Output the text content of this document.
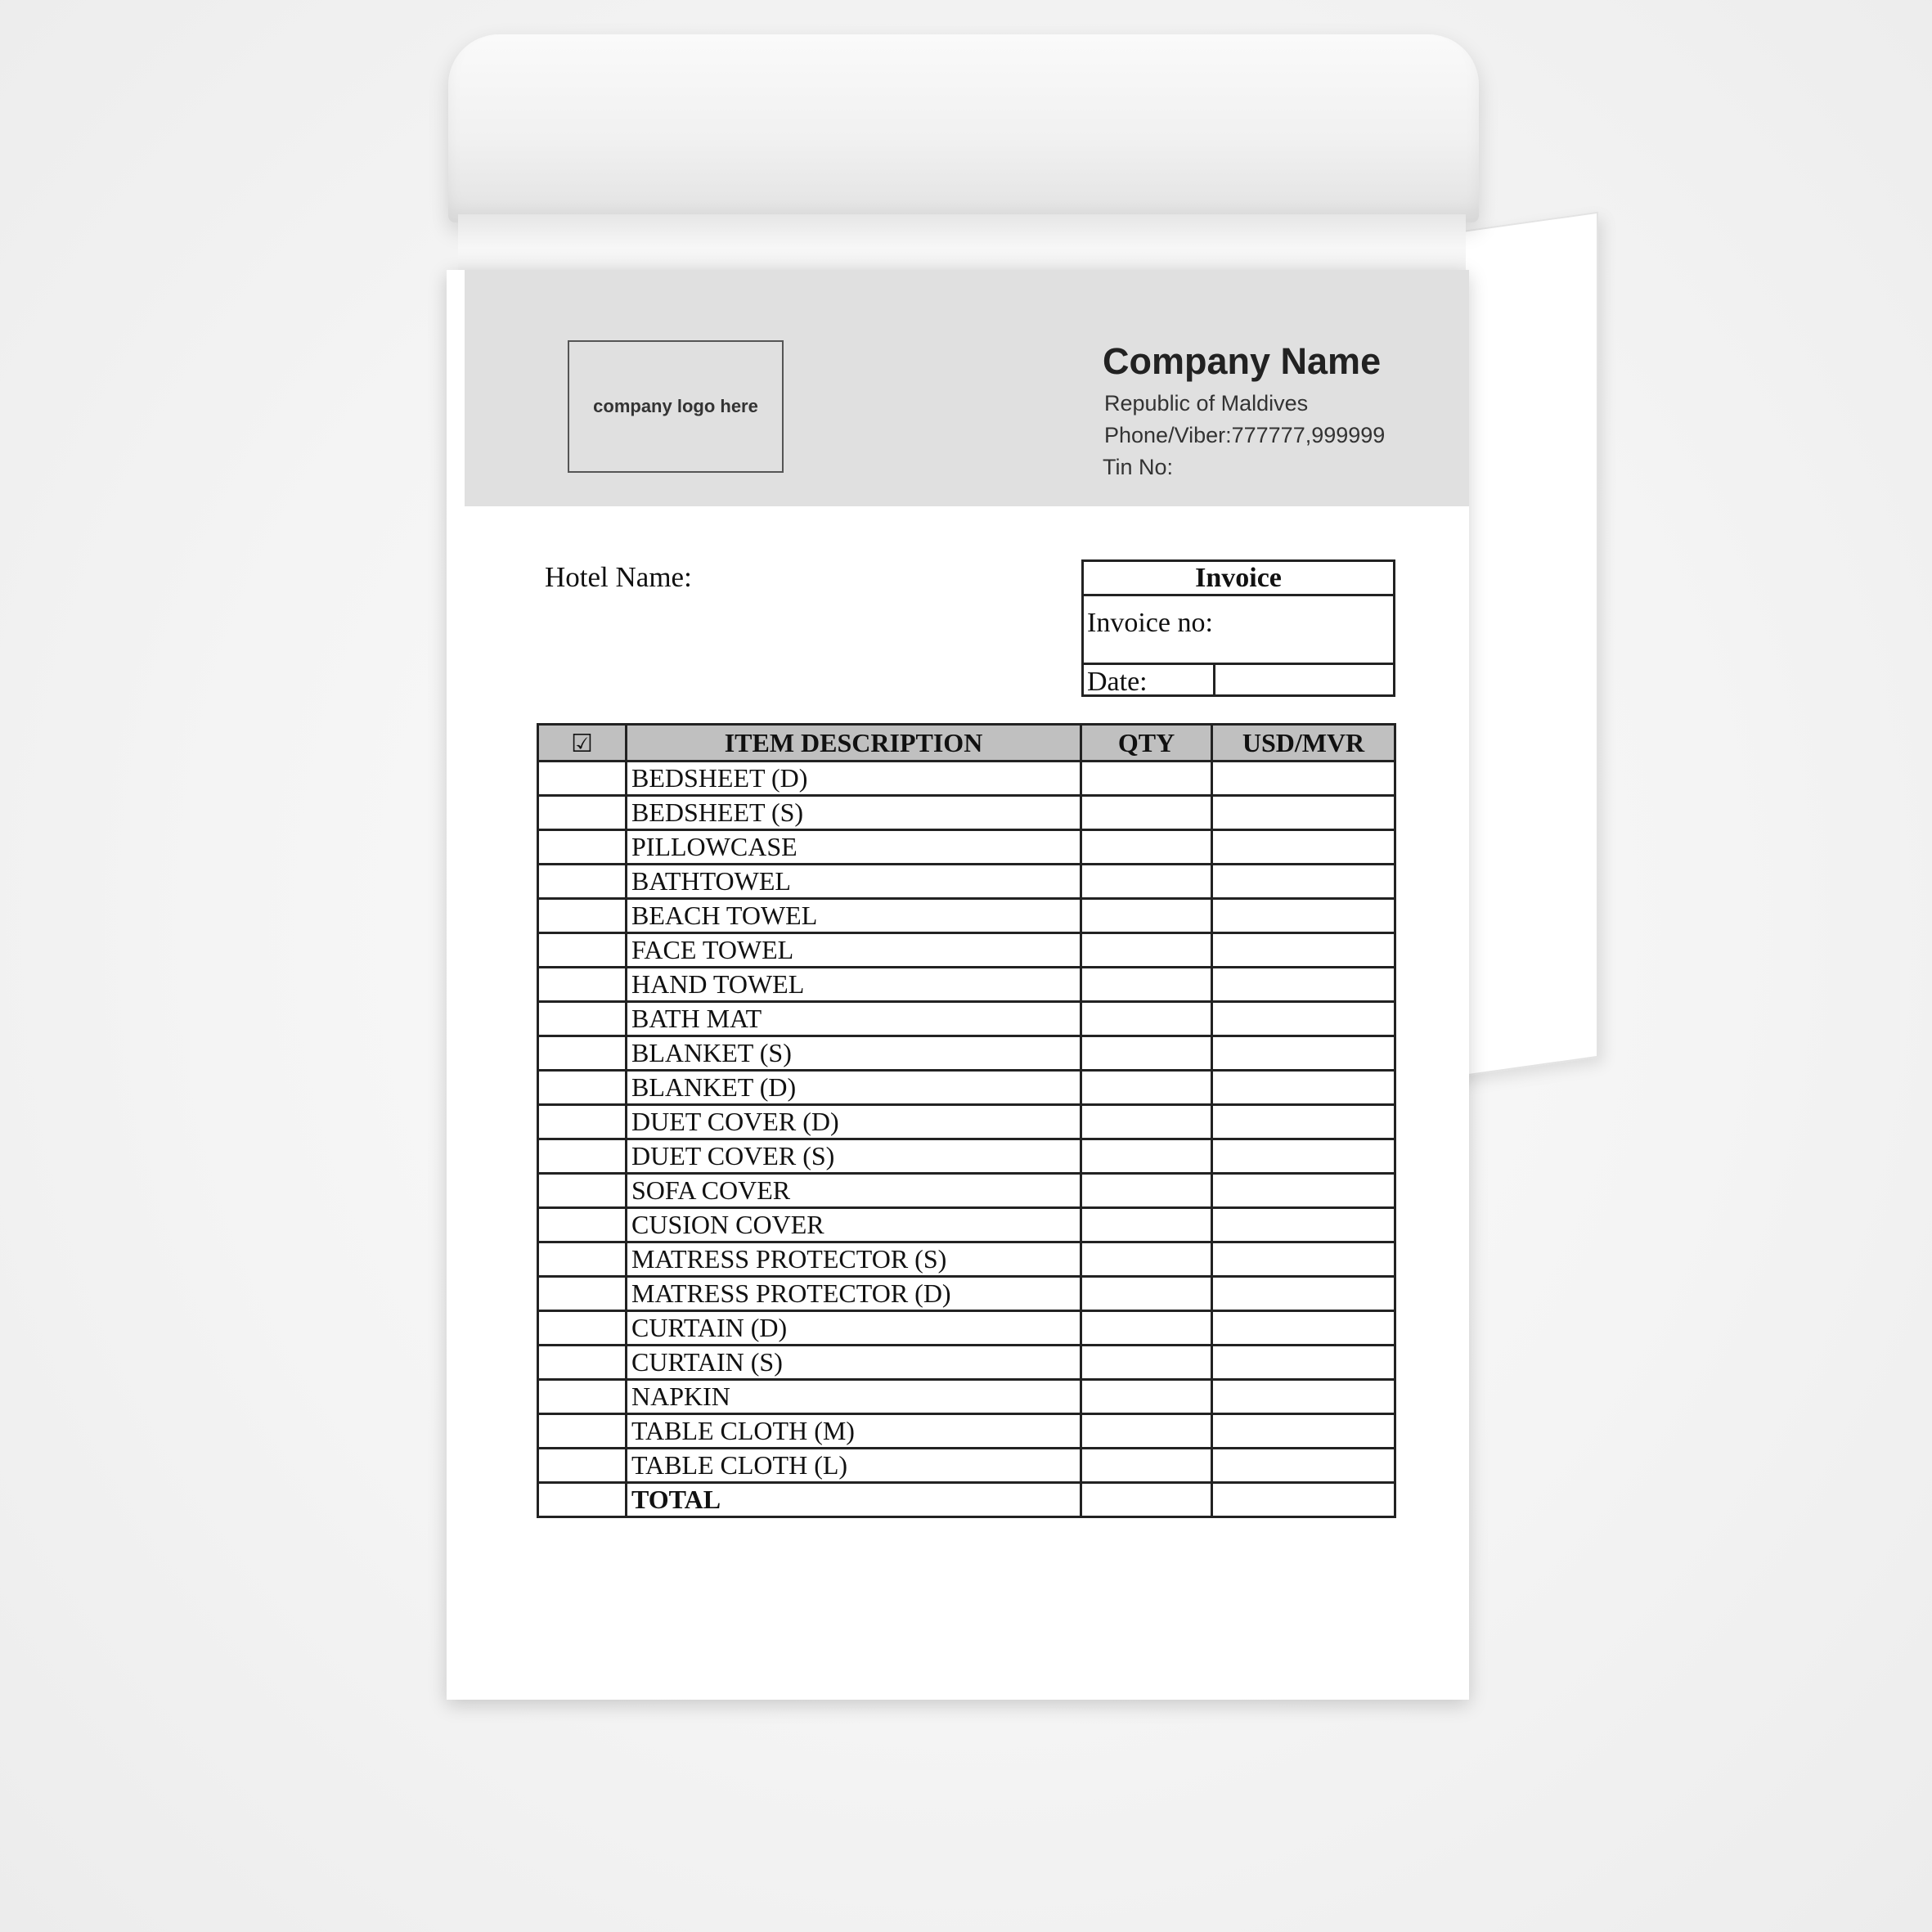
company logo here
Company Name
Republic of Maldives
Phone/Viber:777777,999999
Tin No:
Hotel Name:	Invoice
Invoice no:
Date:
☑	ITEM DESCRIPTION	QTY	USD/MVR
	BEDSHEET (D)		
	BEDSHEET (S)		
	PILLOWCASE		
	BATHTOWEL		
	BEACH TOWEL		
	FACE TOWEL		
	HAND TOWEL		
	BATH MAT		
	BLANKET (S)		
	BLANKET (D)		
	DUET COVER (D)		
	DUET COVER (S)		
	SOFA COVER		
	CUSION COVER		
	MATRESS PROTECTOR (S)		
	MATRESS PROTECTOR (D)		
	CURTAIN (D)		
	CURTAIN (S)		
	NAPKIN		
	TABLE CLOTH (M)		
	TABLE CLOTH (L)		
	TOTAL		
